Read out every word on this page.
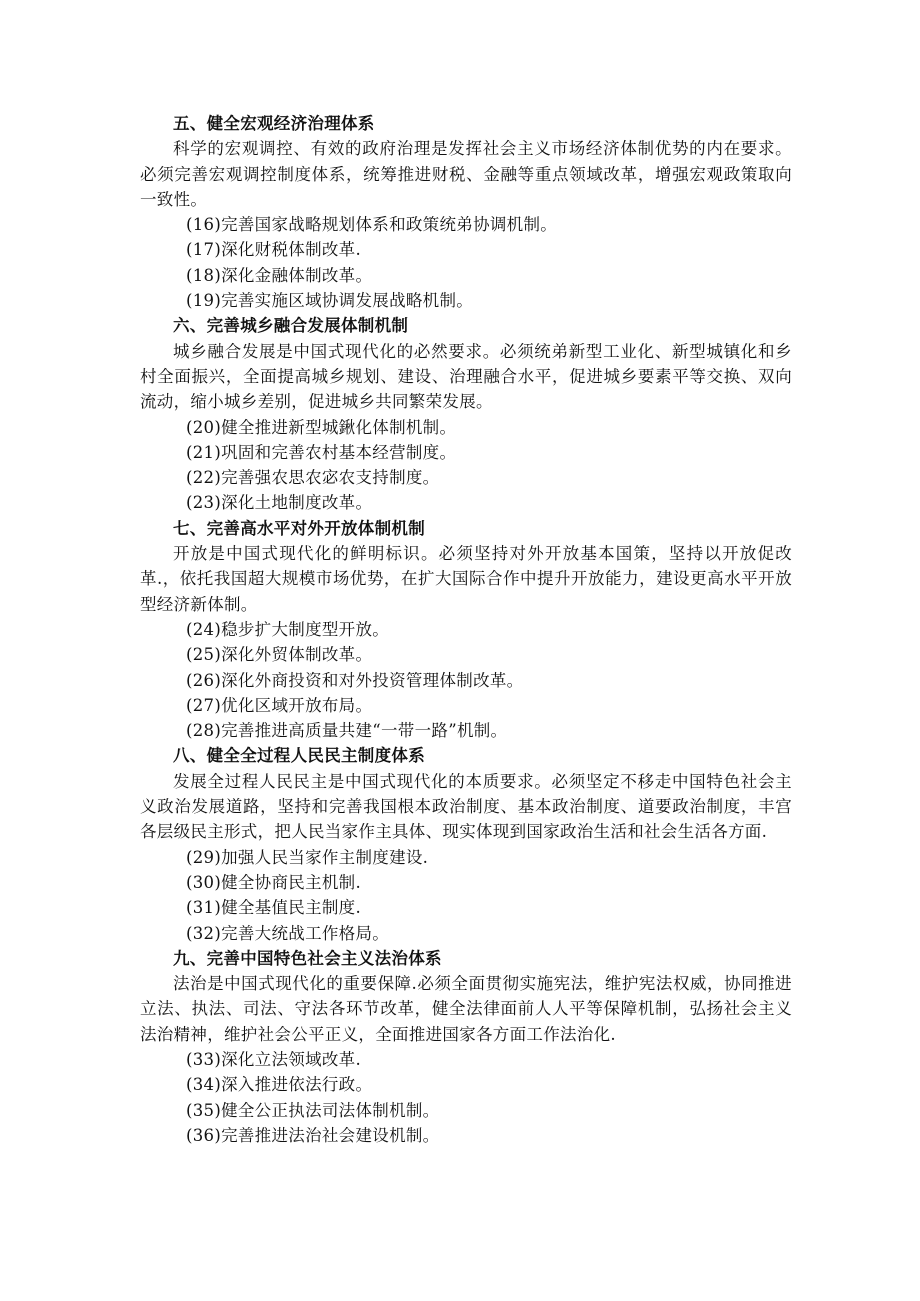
五、健全宏观经济治理体系

科学的宏观调控、有效的政府治理是发挥社会主义市场经济体制优势的内在要求。必须完善宏观调控制度体系，统筹推进财税、金融等重点领域改革，增强宏观政策取向一致性。

(16)完善国家战略规划体系和政策统弟协调机制。
(17)深化财税体制改革.
(18)深化金融体制改革。
(19)完善实施区域协调发展战略机制。

六、完善城乡融合发展体制机制

城乡融合发展是中国式现代化的必然要求。必须统弟新型工业化、新型城镇化和乡村全面振兴，全面提高城乡规划、建设、治理融合水平，促进城乡要素平等交换、双向流动，缩小城乡差别，促进城乡共同繁荣发展。

(20)健全推进新型城鍬化体制机制。
(21)巩固和完善农村基本经营制度。
(22)完善强农思农宓农支持制度。
(23)深化土地制度改革。

七、完善高水平对外开放体制机制

开放是中国式现代化的鲜明标识。必须坚持对外开放基本国策，坚持以开放促改革.，依托我国超大规模市场优势，在扩大国际合作中提升开放能力，建设更高水平开放型经济新体制。

(24)稳步扩大制度型开放。
(25)深化外贸体制改革。
(26)深化外商投资和对外投资管理体制改革。
(27)优化区域开放布局。
(28)完善推进高质量共建“一带一路”机制。

八、健全全过程人民民主制度体系

发展全过程人民民主是中国式现代化的本质要求。必须坚定不移走中国特色社会主义政治发展道路，坚持和完善我国根本政治制度、基本政治制度、道要政治制度，丰宫各层级民主形式，把人民当家作主具体、现实体现到国家政治生活和社会生活各方面.

(29)加强人民当家作主制度建设.
(30)健全协商民主机制.
(31)健全基值民主制度.
(32)完善大统战工作格局。

九、完善中国特色社会主义法治体系

法治是中国式现代化的重要保障.必须全面贯彻实施宪法，维护宪法权威，协同推进立法、执法、司法、守法各环节改革，健全法律面前人人平等保障机制，弘扬社会主义法治精神，维护社会公平正义，全面推进国家各方面工作法治化.

(33)深化立法领域改革.
(34)深入推进依法行政。
(35)健全公正执法司法体制机制。
(36)完善推进法治社会建设机制。
